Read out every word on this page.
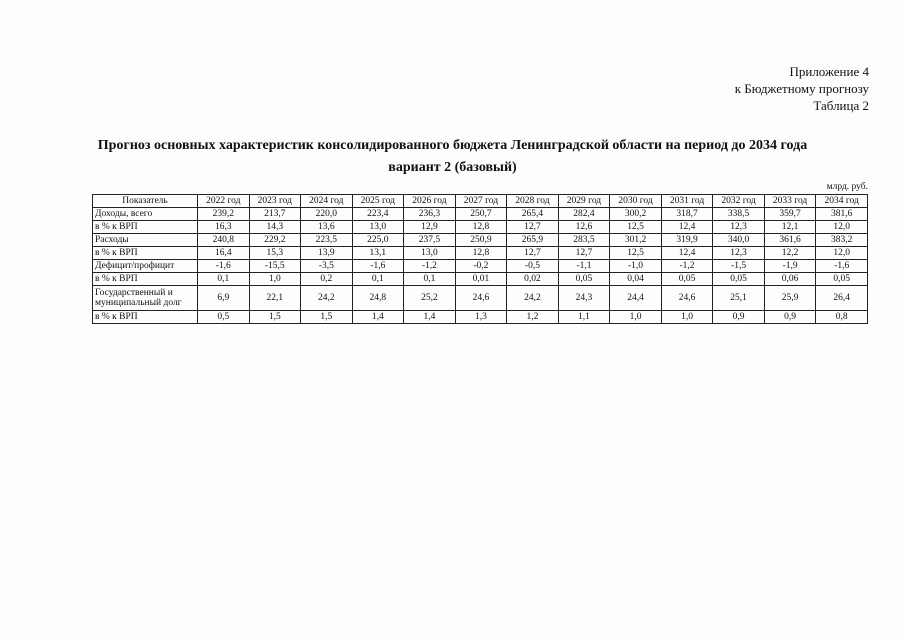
Приложение 4
к Бюджетному прогнозу
Таблица 2
Прогноз основных характеристик консолидированного бюджета Ленинградской области на период до 2034 года
вариант 2 (базовый)
млрд. руб.
Показатель	2022 год	2023 год	2024 год	2025 год	2026 год	2027 год	2028 год	2029 год	2030 год	2031 год	2032 год	2033 год	2034 год
Доходы, всего	239,2	213,7	220,0	223,4	236,3	250,7	265,4	282,4	300,2	318,7	338,5	359,7	381,6
в % к ВРП	16,3	14,3	13,6	13,0	12,9	12,8	12,7	12,6	12,5	12,4	12,3	12,1	12,0
Расходы	240,8	229,2	223,5	225,0	237,5	250,9	265,9	283,5	301,2	319,9	340,0	361,6	383,2
в % к ВРП	16,4	15,3	13,9	13,1	13,0	12,8	12,7	12,7	12,5	12,4	12,3	12,2	12,0
Дефицит/профицит	-1,6	-15,5	-3,5	-1,6	-1,2	-0,2	-0,5	-1,1	-1,0	-1,2	-1,5	-1,9	-1,6
в % к ВРП	0,1	1,0	0,2	0,1	0,1	0,01	0,02	0,05	0,04	0,05	0,05	0,06	0,05
Государственный и муниципальный долг	6,9	22,1	24,2	24,8	25,2	24,6	24,2	24,3	24,4	24,6	25,1	25,9	26,4
в % к ВРП	0,5	1,5	1,5	1,4	1,4	1,3	1,2	1,1	1,0	1,0	0,9	0,9	0,8
